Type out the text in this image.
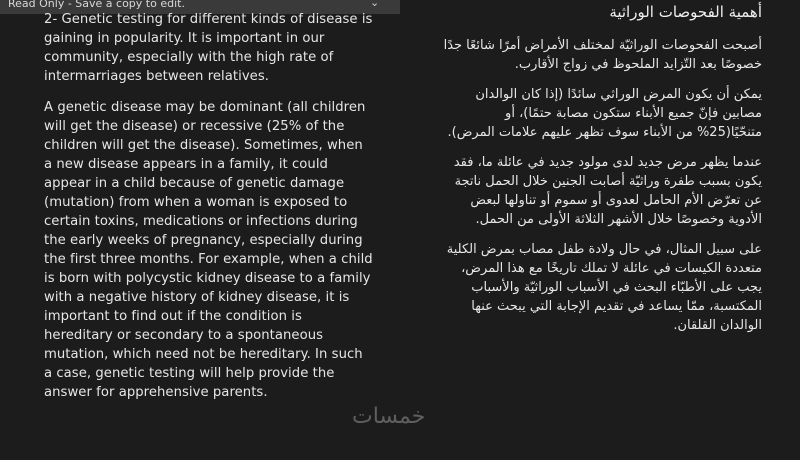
Read Only - Save a copy to edit.	⌄

2- Genetic testing for different kinds of disease is gaining in popularity. It is important in our community, especially with the high rate of intermarriages between relatives.

A genetic disease may be dominant (all children will get the disease) or recessive (25% of the children will get the disease). Sometimes, when a new disease appears in a family, it could appear in a child because of genetic damage (mutation) from when a woman is exposed to certain toxins, medications or infections during the early weeks of pregnancy, especially during the first three months. For example, when a child is born with polycystic kidney disease to a family with a negative history of kidney disease, it is important to find out if the condition is hereditary or secondary to a spontaneous mutation, which need not be hereditary. In such a case, genetic testing will help provide the answer for apprehensive parents.

أهمية الفحوصات الوراثية

أصبحت الفحوصات الوراثيّة لمختلف الأمراض أمرًا شائعًا جدًا خصوصًا بعد التّزايد الملحوظ في زواج الأقارب.

يمكن أن يكون المرض الوراثي سائدًا (إذا كان الوالدان مصابين فإنّ جميع الأبناء ستكون مصابة حتمًا)، أو متنحّيًا(25% من الأبناء سوف تظهر عليهم علامات المرض).

عندما يظهر مرض جديد لدى مولود جديد في عائلة ما، فقد يكون بسبب طفرة وراثيّة أصابت الجنين خلال الحمل ناتجة عن تعرّض الأم الحامل لعدوى أو سموم أو تناولها لبعض الأدوية وخصوصًا خلال الأشهر الثلاثة الأولى من الحمل.

على سبيل المثال، في حال ولادة طفل مصاب بمرض الكلية متعددة الكيسات في عائلة لا تملك تاريخًا مع هذا المرض، يجب على الأطبّاء البحث في الأسباب الوراثيّة والأسباب المكتسبة، ممّا يساعد في تقديم الإجابة التي يبحث عنها الوالدان القلقان.

خمسات
